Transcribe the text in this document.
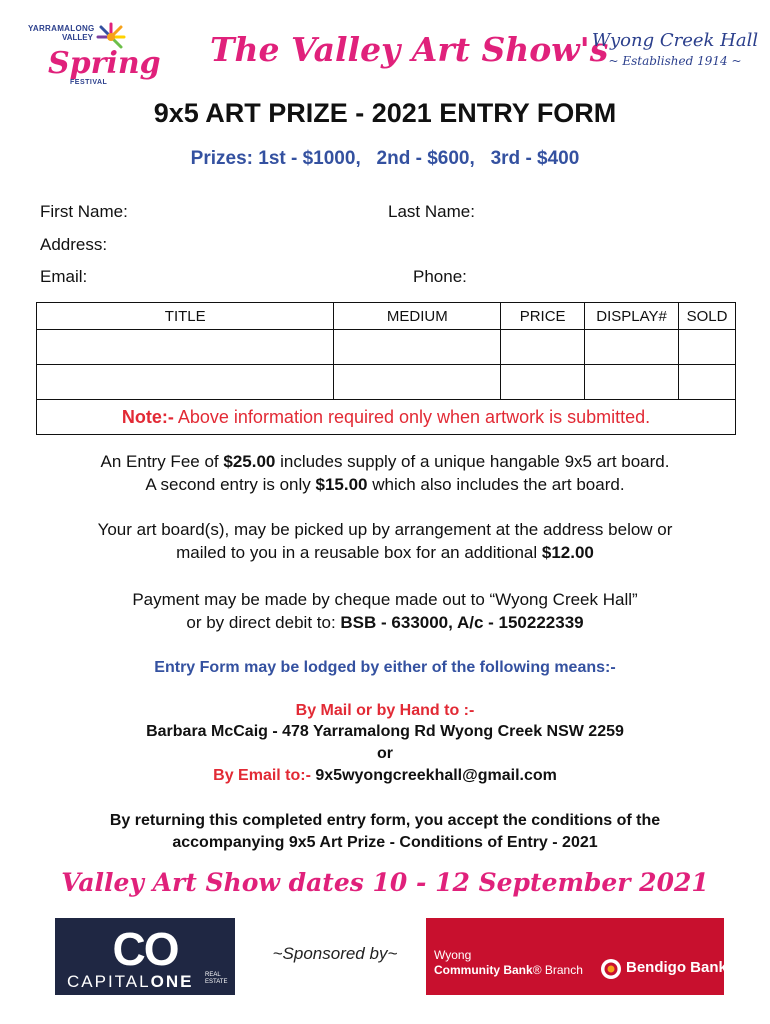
YARRAMALONG
VALLEY
Spring
FESTIVAL
The Valley Art Show's
Wyong Creek Hall
~ Established 1914 ~
9x5 ART PRIZE - 2021 ENTRY FORM
Prizes: 1st - $1000,   2nd - $600,   3rd - $400
First Name:	Last Name:
Address:
Email:	Phone:
TITLE	MEDIUM	PRICE	DISPLAY#	SOLD

Note:- Above information required only when artwork is submitted.				
An Entry Fee of $25.00 includes supply of a unique hangable 9x5 art board.
A second entry is only $15.00 which also includes the art board.
Your art board(s), may be picked up by arrangement at the address below or
mailed to you in a reusable box for an additional $12.00
Payment may be made by cheque made out to “Wyong Creek Hall”
or by direct debit to: BSB - 633000, A/c - 150222339
Entry Form may be lodged by either of the following means:-
By Mail or by Hand to :-
Barbara McCaig - 478 Yarramalong Rd Wyong Creek NSW 2259
or
By Email to:- 9x5wyongcreekhall@gmail.com
By returning this completed entry form, you accept the conditions of the
accompanying 9x5 Art Prize - Conditions of Entry - 2021
Valley Art Show dates 10 - 12 September 2021
CO
CAPITALONE REAL
ESTATE
~Sponsored by~	Wyong
Community Bank® Branch	Bendigo Bank
